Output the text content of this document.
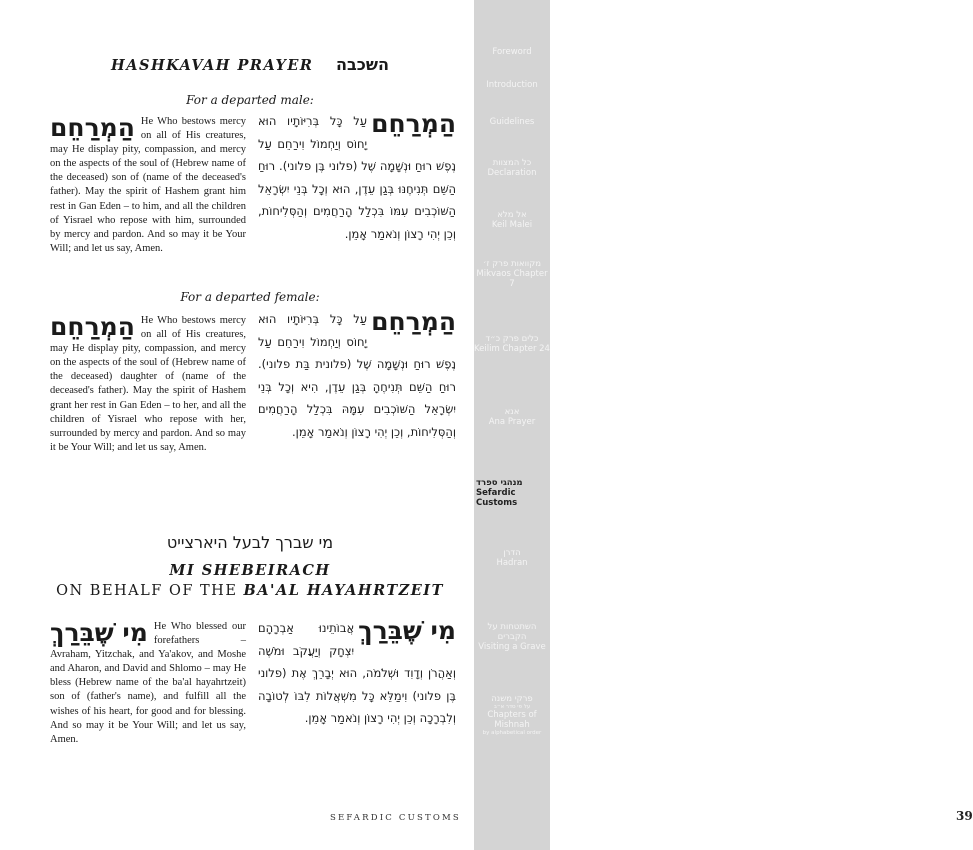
HASHKAVAH PRAYER השכבה
For a departed male:
הַמְרַחֵם He Who bestows mercy on all of His creatures, may He display pity, compassion, and mercy on the aspects of the soul of (Hebrew name of the deceased) son of (name of the deceased's father). May the spirit of Hashem grant him rest in Gan Eden – to him, and all the children of Yisrael who repose with him, surrounded by mercy and pardon. And so may it be Your Will; and let us say, Amen.
הַמְרַחֵם
עַל כָּל בְּרִיּוֹתָיו הוּא יָחוֹס וְיַחְמוֹל וִירַחֵם עַל נֶפֶשׁ רוּחַ וּנְשָׁמָה שֶׁל (פלוני בֶּן פלוני). רוּחַ הַשֵּׁם תְּנִיחֶנּוּ בְּגַן עֵדֶן, הוּא וְכָל בְּנֵי יִשְׂרָאֵל הַשּׁוֹכְבִים עִמּוֹ בִּכְלַל הָרַחֲמִים וְהַסְּלִיחוֹת, וְכֵן יְהִי רָצוֹן וְנֹאמַר אָמֵן.
For a departed female:
הַמְרַחֵם He Who bestows mercy on all of His creatures, may He display pity, compassion, and mercy on the aspects of the soul of (Hebrew name of the deceased) daughter of (name of the deceased's father). May the spirit of Hashem grant her rest in Gan Eden – to her, and all the children of Yisrael who repose with her, surrounded by mercy and pardon. And so may it be Your Will; and let us say, Amen.
הַמְרַחֵם
עַל כָּל בְּרִיּוֹתָיו הוּא יָחוֹס וְיַחְמוֹל וִירַחֵם עַל נֶפֶשׁ רוּחַ וּנְשָׁמָה שֶׁל (פלונית בַּת פלוני). רוּחַ הַשֵּׁם תְּנִיחֶהָ בְּגַן עֵדֶן, הִיא וְכָל בְּנֵי יִשְׂרָאֵל הַשּׁוֹכְבִים עִמָּהּ בִּכְלַל הָרַחֲמִים וְהַסְּלִיחוֹת, וְכֵן יְהִי רָצוֹן וְנֹאמַר אָמֵן.
מי שברך לבעל היארצייט
MI SHEBEIRACH
ON BEHALF OF THE BA'AL HAYAHRTZEIT
מִי שֶׁבֵּרַךְ He Who blessed our forefathers – Avraham, Yitzchak, and Ya'akov, and Moshe and Aharon, and David and Shlomo – may He bless (Hebrew name of the ba'al hayahrtzeit) son of (father's name), and fulfill all the wishes of his heart, for good and for blessing. And so may it be Your Will; and let us say, Amen.
מִי שֶׁבֵּרַךְ
אֲבוֹתֵינוּ אַבְרָהָם יִצְחָק וְיַעֲקֹב וּמֹשֶׁה וְאַהֲרֹן וְדָוִד וּשְׁלֹמֹה, הוּא יְבָרֵךְ אֶת (פלוני בֶּן פלוני) וִימַלֵּא כָּל מִשְׁאֲלוֹת לִבּוֹ לְטוֹבָה וְלִבְרָכָה וְכֵן יְהִי רָצוֹן וְנֹאמַר אָמֵן.
SEFARDIC CUSTOMS
Foreword
Introduction
Guidelines
כל המצוות
Declaration
אל מלא
Keil Malei
מקוואות פרק ז׳
Mikvaos Chapter 7
כלים פרק כ״ד
Keilim Chapter 24
אנא
Ana Prayer
מנהגי ספרד
Sefardic Customs
הדרן
Hadran
השתטחות על הקברים
Visiting a Grave
פרקי משנה
על פי סדר א״ב
Chapters of Mishnah
by alphabetical order
39
